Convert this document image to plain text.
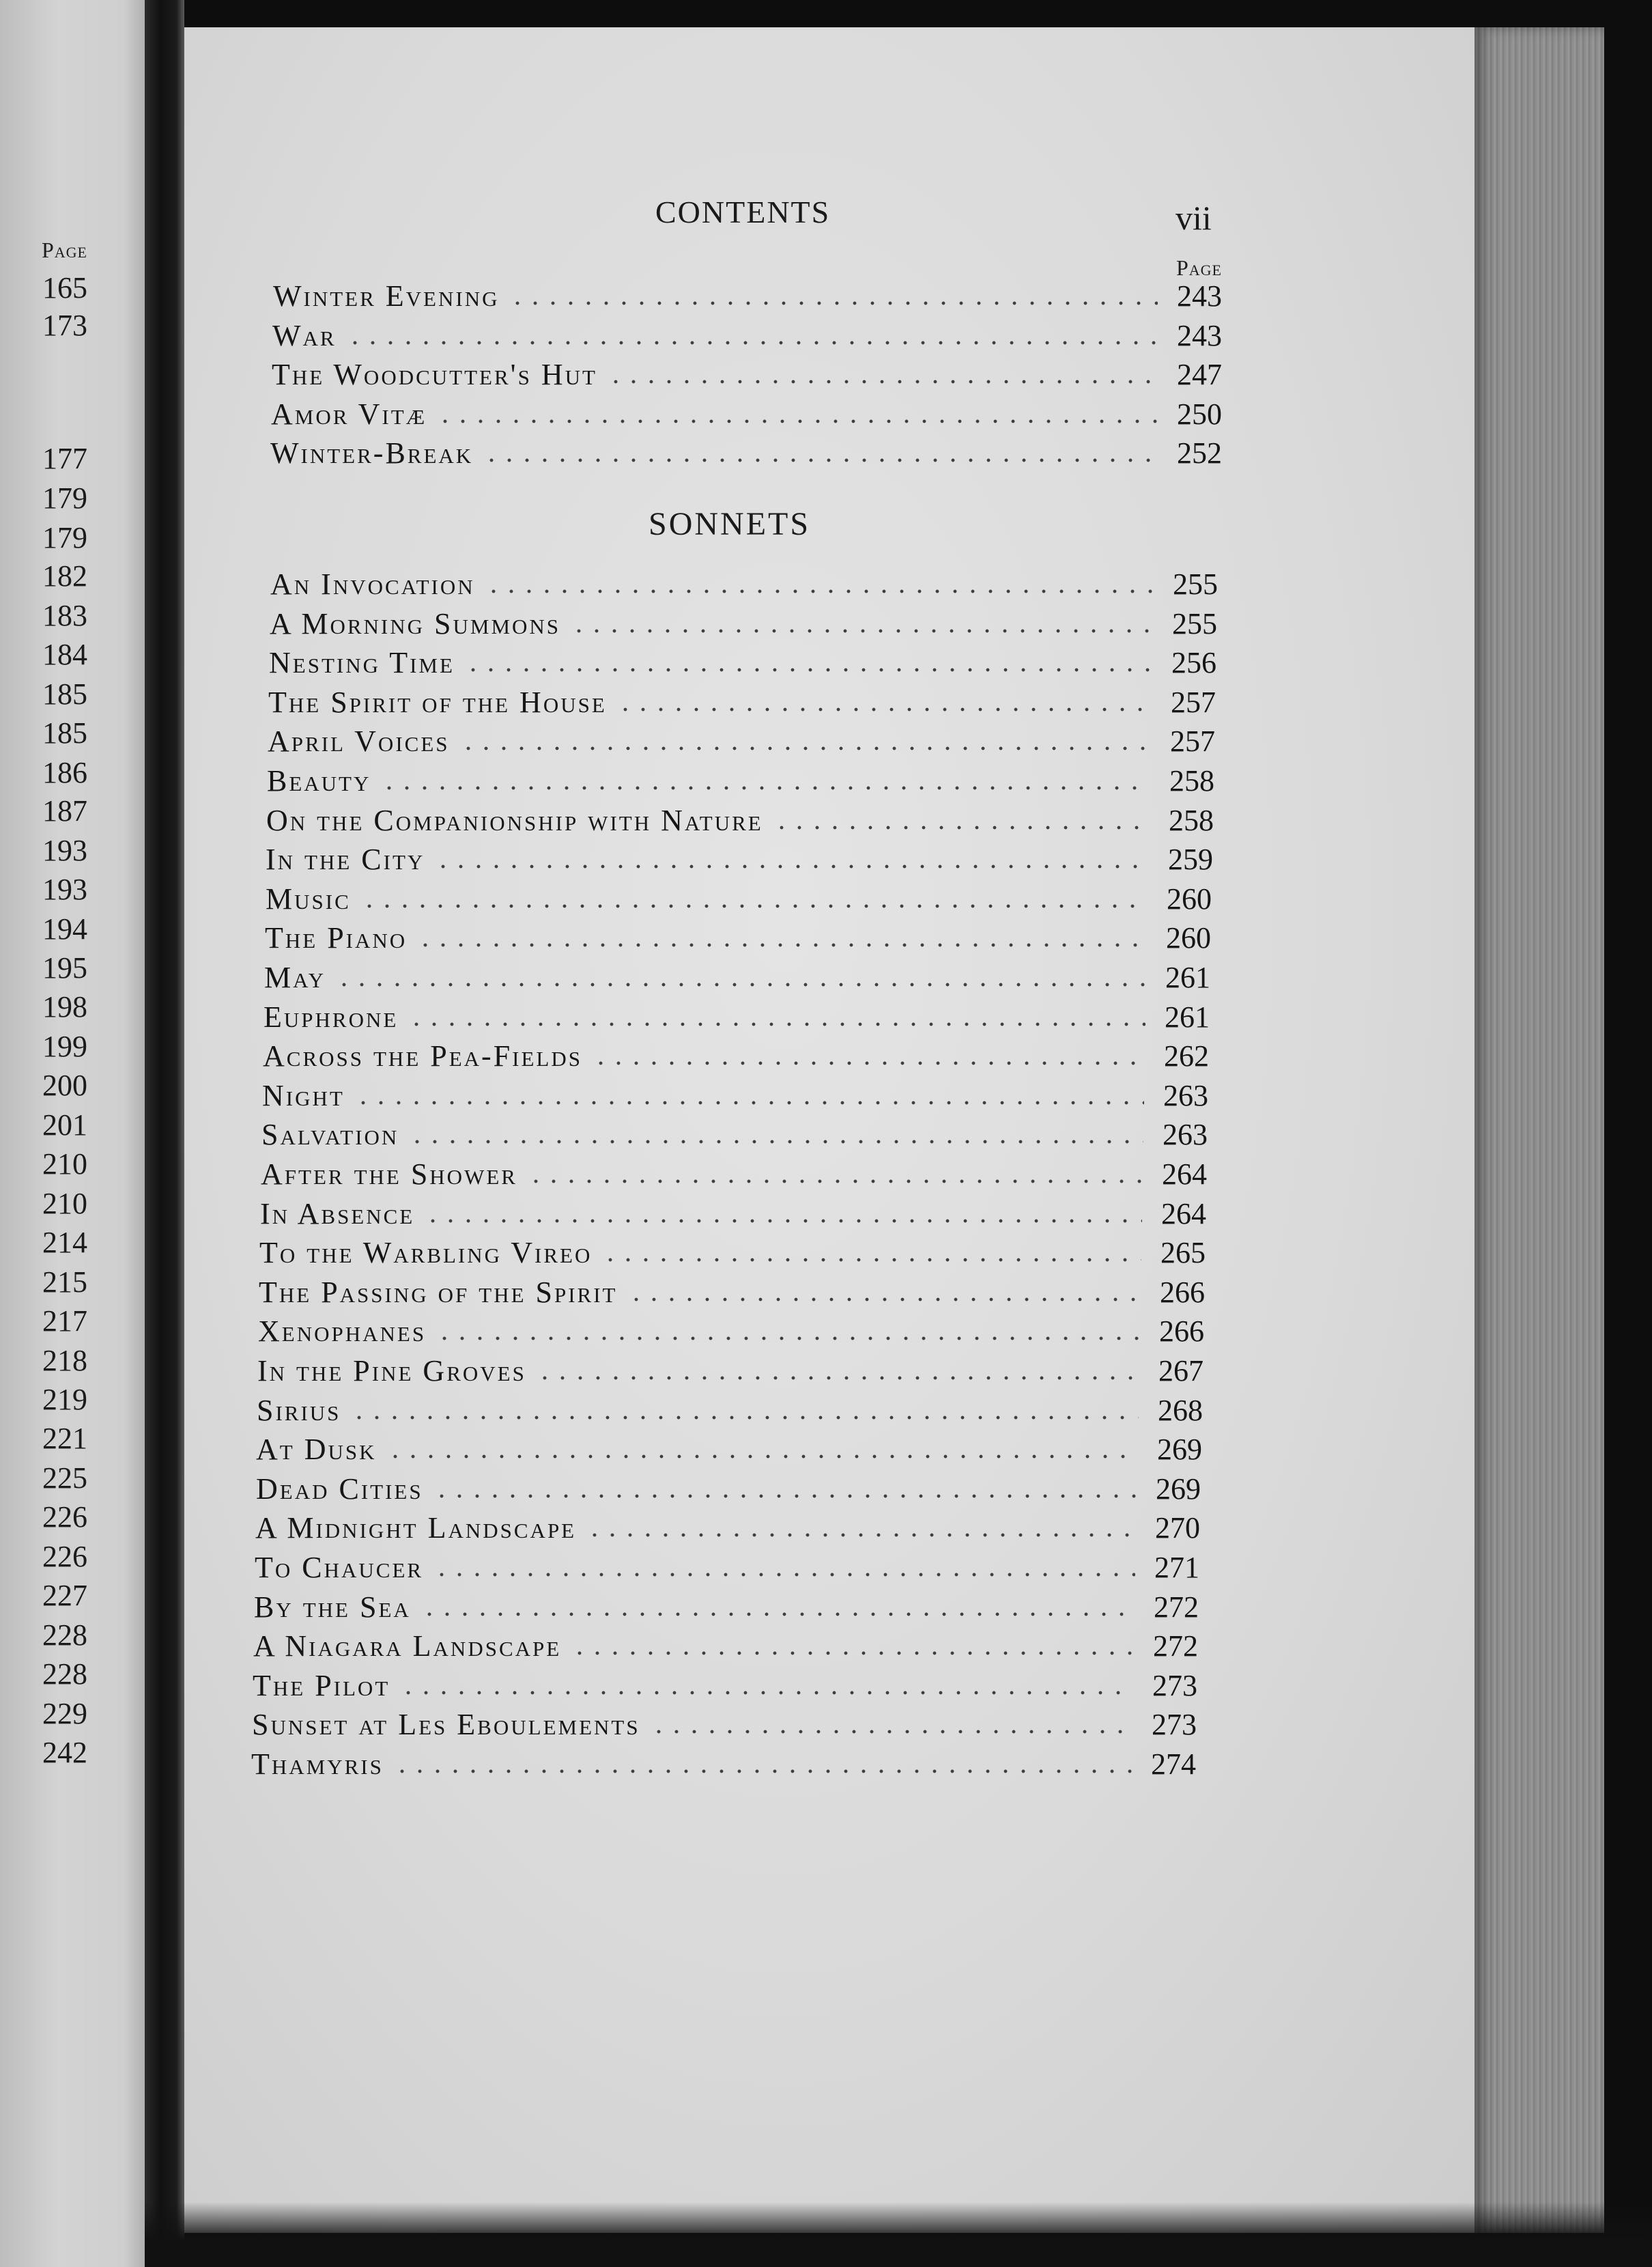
Page
165
173
177
179
179
182
183
184
185
185
186
187
193
193
194
195
198
199
200
201
210
210
214
215
217
218
219
221
225
226
226
227
228
228
229
242
CONTENTS	vii
Page
SONNETS
Winter Evening	243
War	243
The Woodcutter's Hut	247
Amor Vitæ	250
Winter-Break	252
An Invocation	255
A Morning Summons	255
Nesting Time	256
The Spirit of the House	257
April Voices	257
Beauty	258
On the Companionship with Nature	258
In the City	259
Music	260
The Piano	260
May	261
Euphrone	261
Across the Pea-Fields	262
Night	263
Salvation	263
After the Shower	264
In Absence	264
To the Warbling Vireo	265
The Passing of the Spirit	266
Xenophanes	266
In the Pine Groves	267
Sirius	268
At Dusk	269
Dead Cities	269
A Midnight Landscape	270
To Chaucer	271
By the Sea	272
A Niagara Landscape	272
The Pilot	273
Sunset at Les Eboulements	273
Thamyris	274
